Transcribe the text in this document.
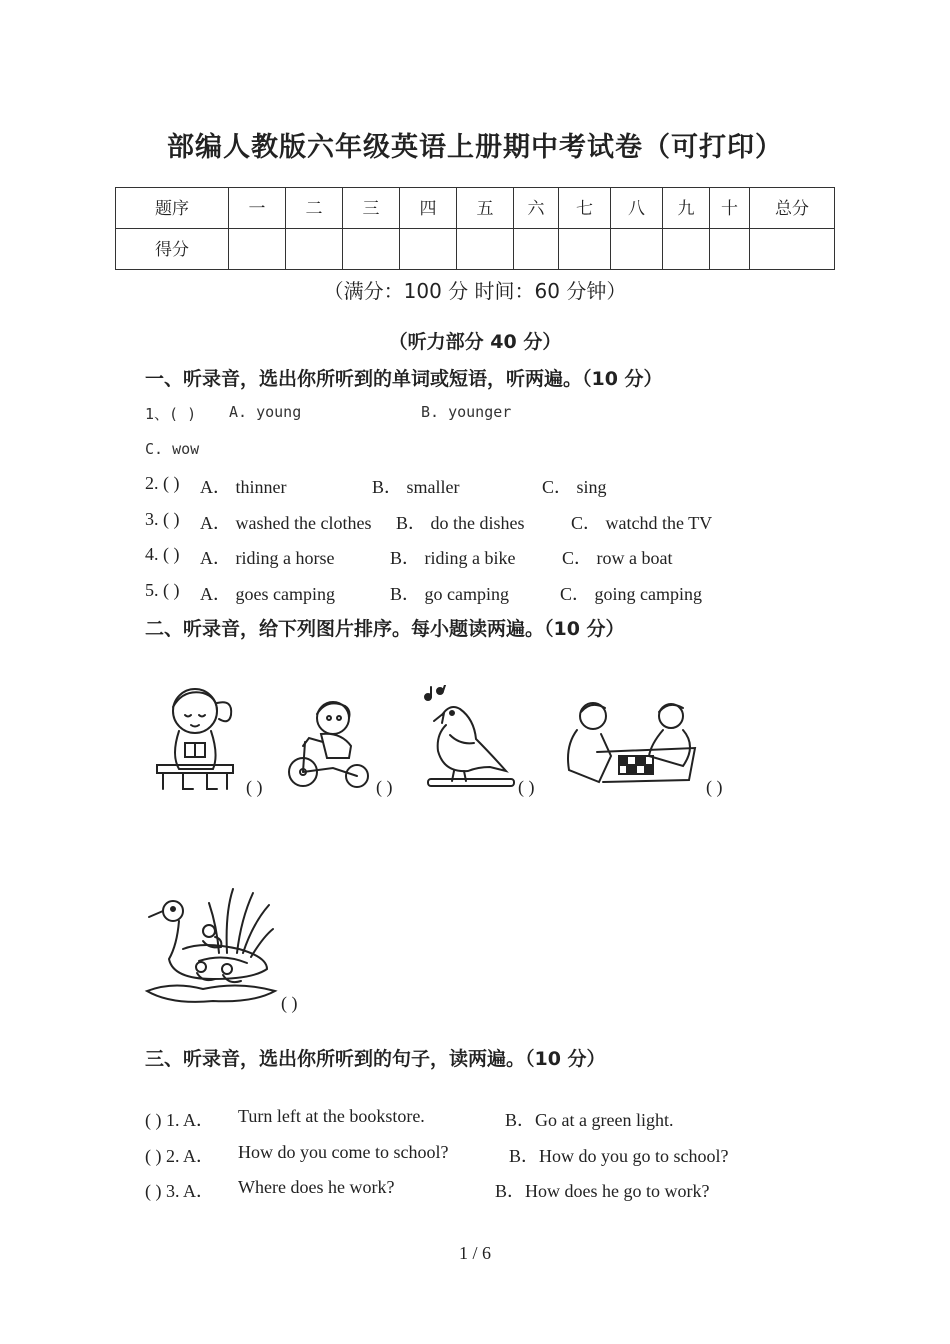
部编人教版六年级英语上册期中考试卷（可打印）
题序	一	二	三	四	五	六	七	八	九	十	总分
得分											
（满分：100 分 时间：60 分钟）
（听力部分 40 分）
一、听录音，选出你所听到的单词或短语，听两遍。（10 分）
1、( ) A. young	B. younger
C. wow
2. ( ) A． thinner	B． smaller	C． sing
3. ( ) A． washed the clothes B． do the dishes	C． watchd the TV
4. ( ) A． riding a horse	B． riding a bike	C． row a boat
5. ( ) A． goes camping	B． go camping	C． going camping
二、听录音，给下列图片排序。每小题读两遍。（10 分）
( )	( )	( )	( )
( )
三、听录音，选出你所听到的句子，读两遍。（10 分）
( ) 1. A． Turn left at the bookstore.	B．Go at a green light.
( ) 2. A． How do you come to school?	B．How do you go to school?
( ) 3. A． Where does he work?	B．How does he go to work?
1 / 6
